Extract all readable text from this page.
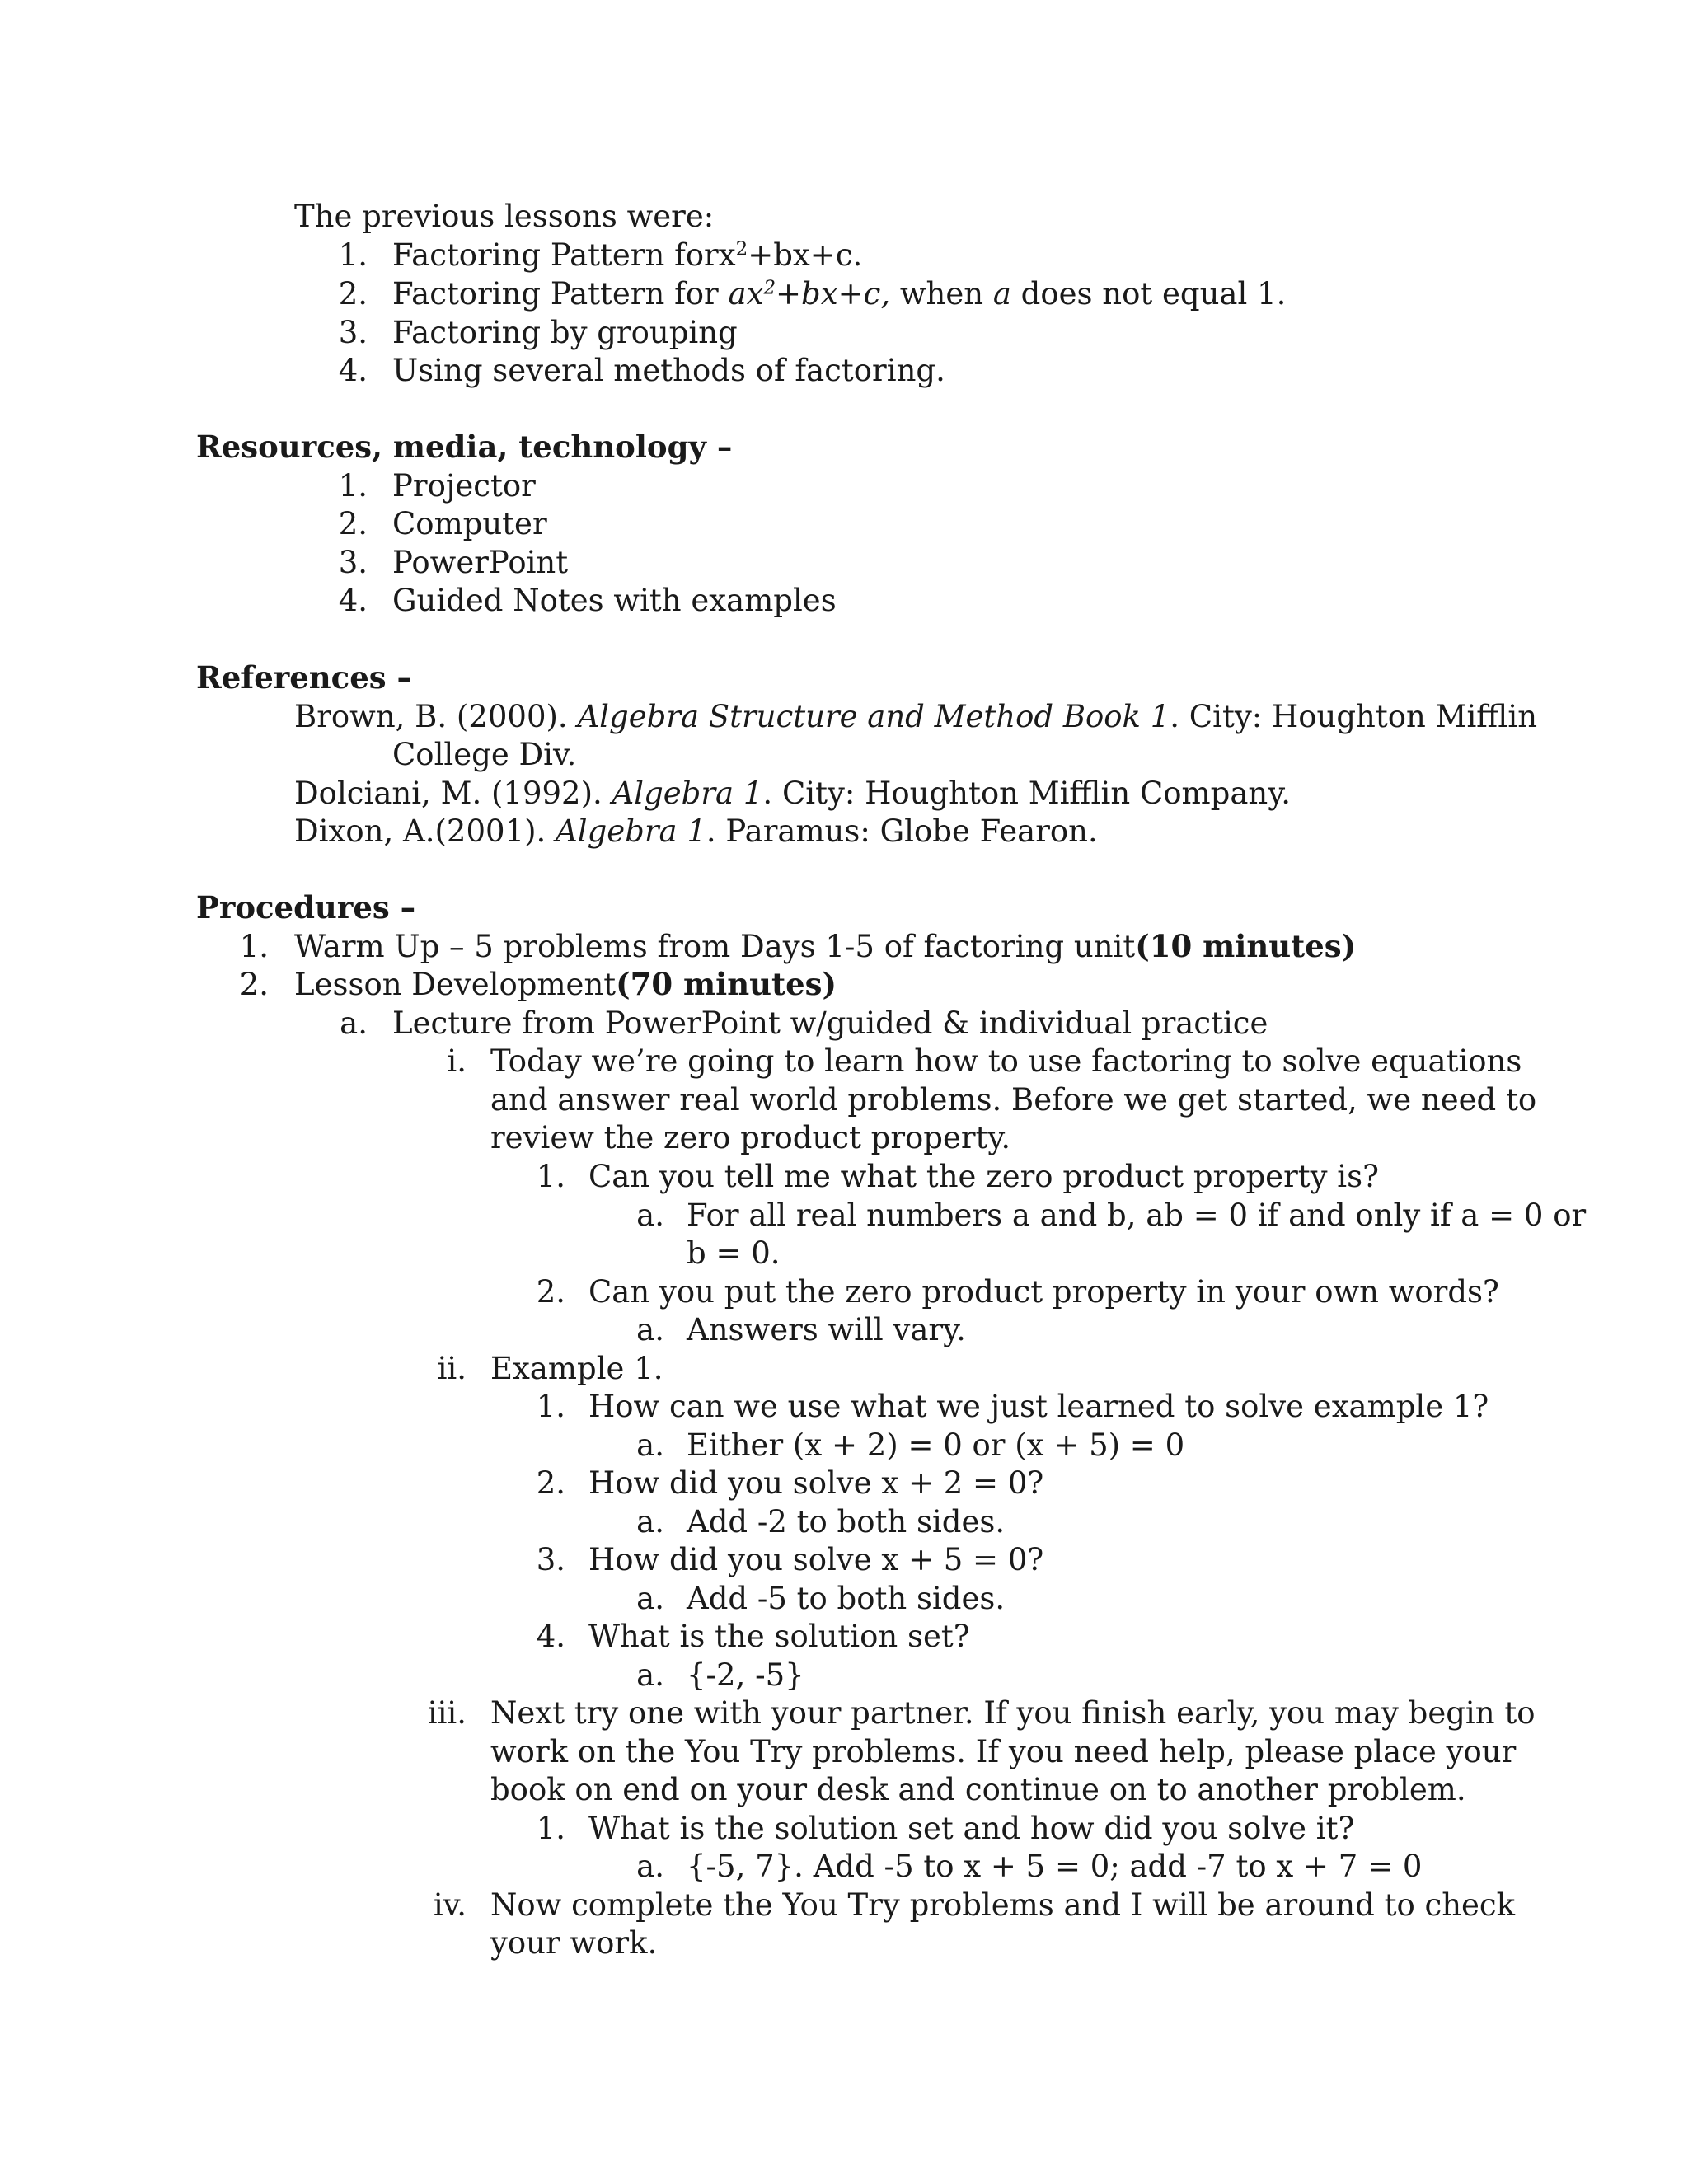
The previous lessons were:
1. Factoring Pattern forx$^2$+bx+c.
2. Factoring Pattern for $ax^2+bx+c$, when a does not equal 1.
3. Factoring by grouping
4. Using several methods of factoring.
Resources, media, technology –
1. Projector
2. Computer
3. PowerPoint
4. Guided Notes with examples
References –
Brown, B. (2000). Algebra Structure and Method Book 1. City: Houghton Mifflin
College Div.
Dolciani, M. (1992). Algebra 1. City: Houghton Mifflin Company.
Dixon, A.(2001). Algebra 1. Paramus: Globe Fearon.
Procedures –
1. Warm Up – 5 problems from Days 1-5 of factoring unit(10 minutes)
2. Lesson Development(70 minutes)
a. Lecture from PowerPoint w/guided & individual practice
i. Today we’re going to learn how to use factoring to solve equations
and answer real world problems. Before we get started, we need to
review the zero product property.
1. Can you tell me what the zero product property is?
a. For all real numbers a and b, ab = 0 if and only if a = 0 or
b = 0.
2. Can you put the zero product property in your own words?
a. Answers will vary.
ii. Example 1.
1. How can we use what we just learned to solve example 1?
a. Either (x + 2) = 0 or (x + 5) = 0
2. How did you solve x + 2 = 0?
a. Add -2 to both sides.
3. How did you solve x + 5 = 0?
a. Add -5 to both sides.
4. What is the solution set?
a. {-2, -5}
iii. Next try one with your partner. If you finish early, you may begin to
work on the You Try problems. If you need help, please place your
book on end on your desk and continue on to another problem.
1. What is the solution set and how did you solve it?
a. {-5, 7}. Add -5 to x + 5 = 0; add -7 to x + 7 = 0
iv. Now complete the You Try problems and I will be around to check
your work.
